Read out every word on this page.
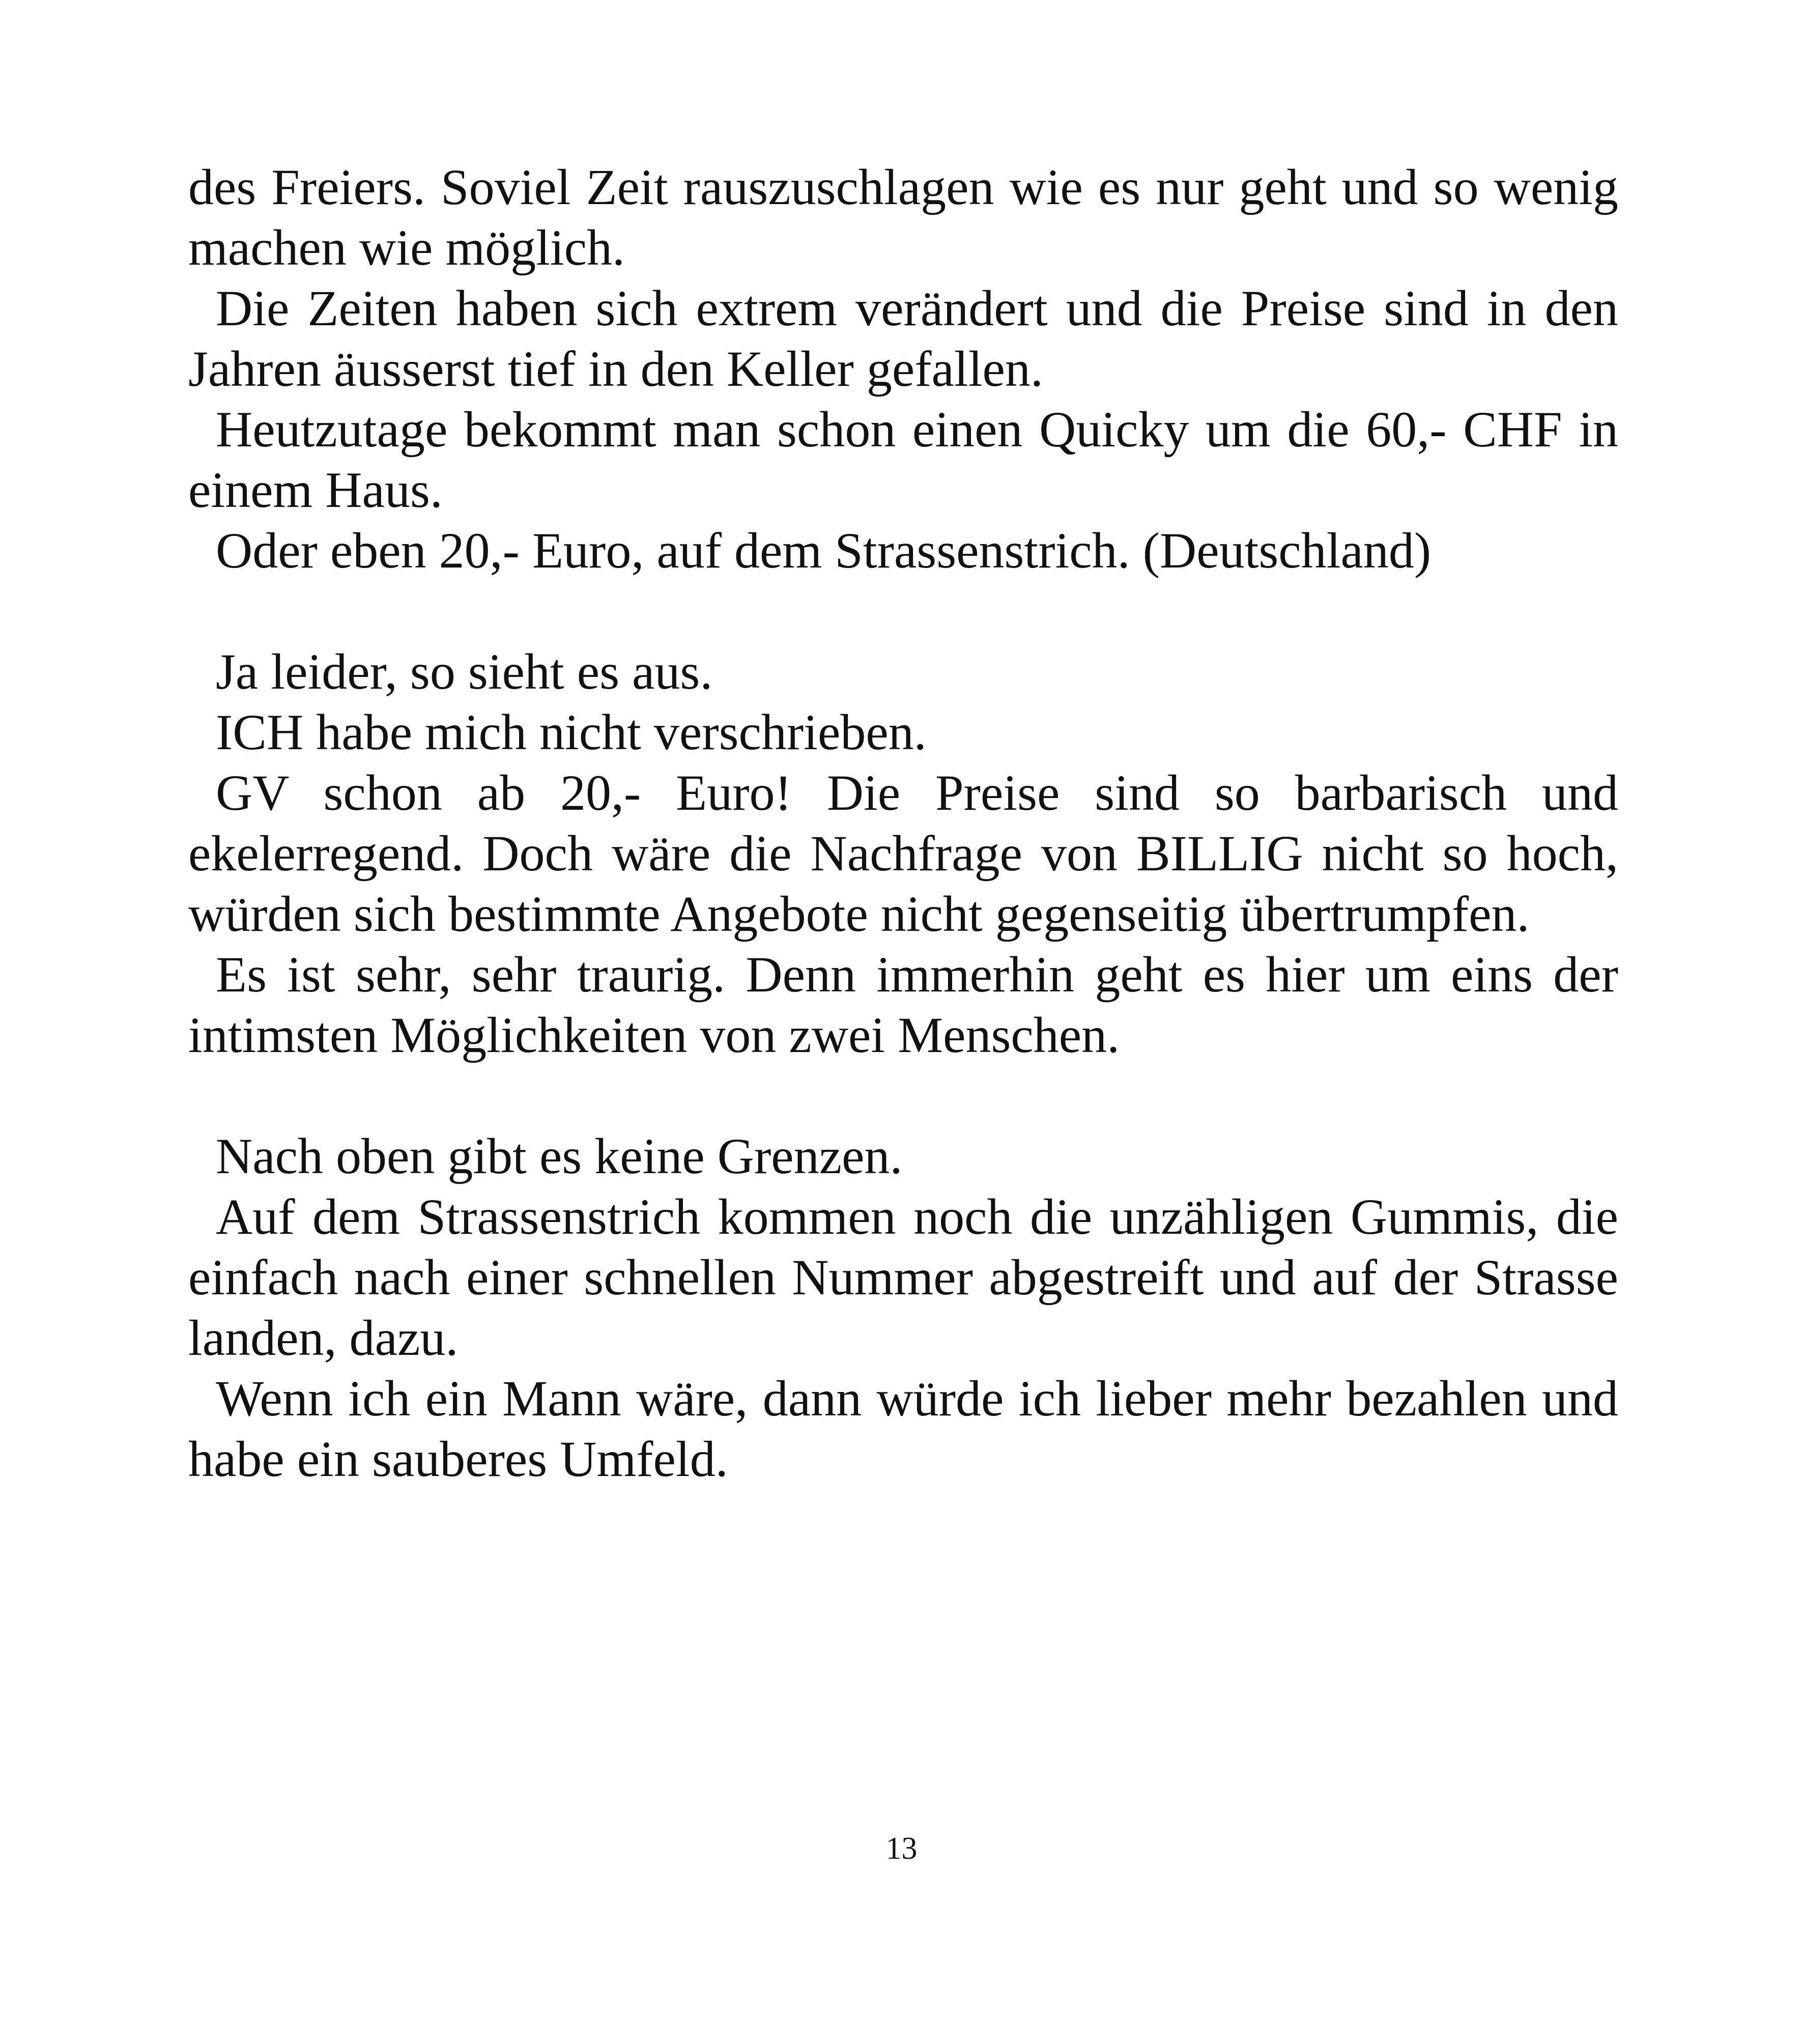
des Freiers. Soviel Zeit rauszuschlagen wie es nur geht und so wenig machen wie möglich.

Die Zeiten haben sich extrem verändert und die Preise sind in den Jahren äusserst tief in den Keller gefallen.

Heutzutage bekommt man schon einen Quicky um die 60,- CHF in einem Haus.

Oder eben 20,- Euro, auf dem Strassenstrich. (Deutschland)

Ja leider, so sieht es aus.

ICH habe mich nicht verschrieben.

GV schon ab 20,- Euro! Die Preise sind so barbarisch und ekelerregend. Doch wäre die Nachfrage von BILLIG nicht so hoch, würden sich bestimmte Angebote nicht gegenseitig übertrumpfen.

Es ist sehr, sehr traurig. Denn immerhin geht es hier um eins der intimsten Möglichkeiten von zwei Menschen.

Nach oben gibt es keine Grenzen.

Auf dem Strassenstrich kommen noch die unzähligen Gummis, die einfach nach einer schnellen Nummer abgestreift und auf der Strasse landen, dazu.

Wenn ich ein Mann wäre, dann würde ich lieber mehr bezahlen und habe ein sauberes Umfeld.

13
